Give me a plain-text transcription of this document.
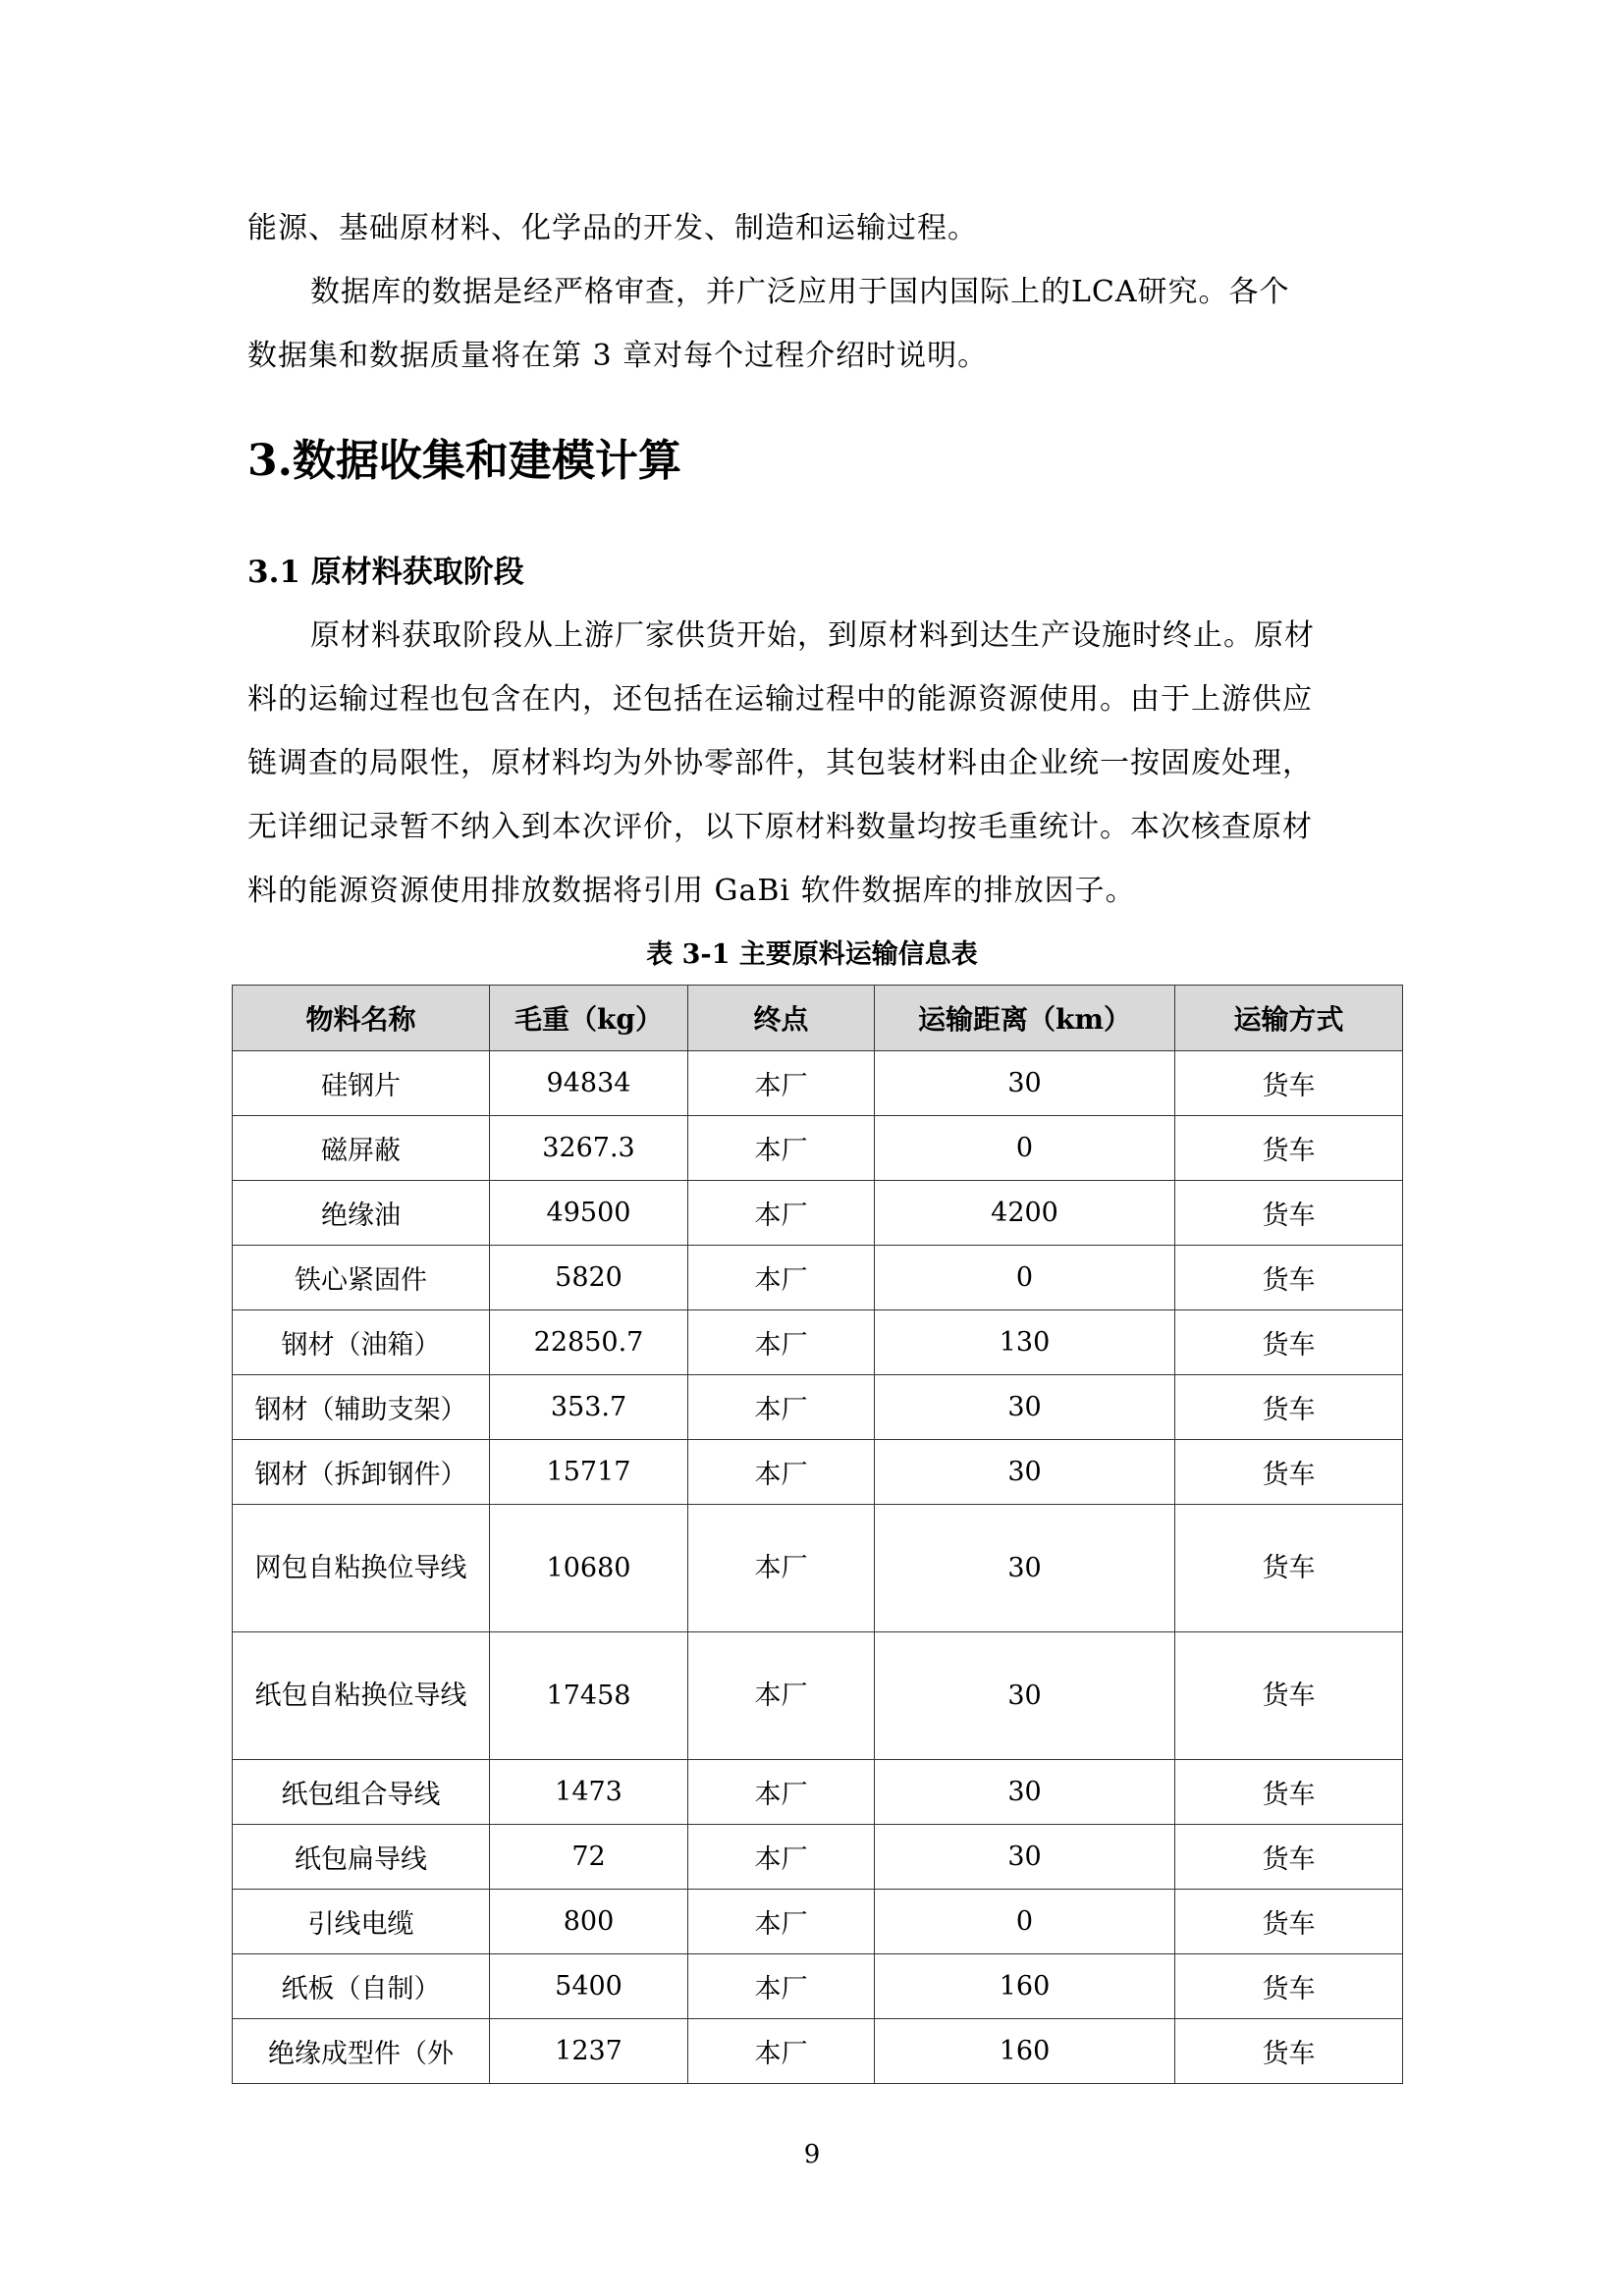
能源、基础原材料、化学品的开发、制造和运输过程。

数据库的数据是经严格审查，并广泛应用于国内国际上的LCA研究。各个
数据集和数据质量将在第 3 章对每个过程介绍时说明。

3.数据收集和建模计算
3.1 原材料获取阶段

原材料获取阶段从上游厂家供货开始，到原材料到达生产设施时终止。原材
料的运输过程也包含在内，还包括在运输过程中的能源资源使用。由于上游供应
链调查的局限性，原材料均为外协零部件，其包装材料由企业统一按固废处理，
无详细记录暂不纳入到本次评价，以下原材料数量均按毛重统计。本次核查原材
料的能源资源使用排放数据将引用 GaBi 软件数据库的排放因子。

表 3-1 主要原料运输信息表

物料名称	毛重（kg）	终点	运输距离（km）	运输方式
硅钢片	94834	本厂	30	货车
磁屏蔽	3267.3	本厂	0	货车
绝缘油	49500	本厂	4200	货车
铁心紧固件	5820	本厂	0	货车
钢材（油箱）	22850.7	本厂	130	货车
钢材（辅助支架）	353.7	本厂	30	货车
钢材（拆卸钢件）	15717	本厂	30	货车
网包自粘换位导线	10680	本厂	30	货车
纸包自粘换位导线	17458	本厂	30	货车
纸包组合导线	1473	本厂	30	货车
纸包扁导线	72	本厂	30	货车
引线电缆	800	本厂	0	货车
纸板（自制）	5400	本厂	160	货车
绝缘成型件（外	1237	本厂	160	货车

9
